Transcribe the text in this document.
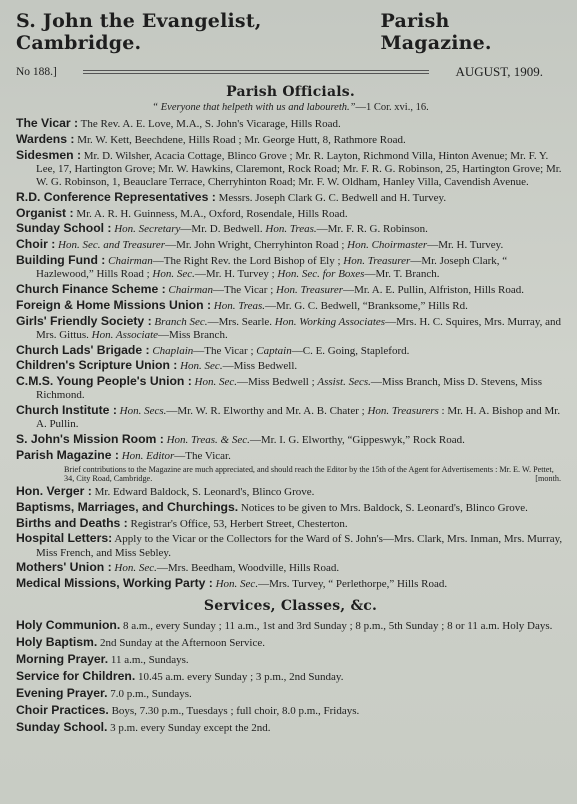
S. John the Evangelist, Cambridge.
Parish Magazine.
No 188.]	AUGUST, 1909.
Parish Officials.
“ Everyone that helpeth with us and laboureth.”—1 Cor. xvi., 16.
The Vicar : The Rev. A. E. Love, M.A., S. John's Vicarage, Hills Road.
Wardens : Mr. W. Kett, Beechdene, Hills Road ; Mr. George Hutt, 8, Rathmore Road.
Sidesmen : Mr. D. Wilsher, Acacia Cottage, Blinco Grove ; Mr. R. Layton, Richmond Villa, Hinton Avenue; Mr. F. Y. Lee, 17, Hartington Grove; Mr. W. Hawkins, Claremont, Rock Road; Mr. F. R. G. Robinson, 25, Hartington Grove; Mr. W. G. Robinson, 1, Beauclare Terrace, Cherryhinton Road; Mr. F. W. Oldham, Hanley Villa, Cavendish Avenue.
R.D. Conference Representatives : Messrs. Joseph Clark G. C. Bedwell and H. Turvey.
Organist : Mr. A. R. H. Guinness, M.A., Oxford, Rosendale, Hills Road.
Sunday School : Hon. Secretary—Mr. D. Bedwell. Hon. Treas.—Mr. F. R. G. Robinson.
Choir : Hon. Sec. and Treasurer—Mr. John Wright, Cherryhinton Road ; Hon. Choirmaster—Mr. H. Turvey.
Building Fund : Chairman—The Right Rev. the Lord Bishop of Ely ; Hon. Treasurer—Mr. Joseph Clark, “ Hazlewood,” Hills Road ; Hon. Sec.—Mr. H. Turvey ; Hon. Sec. for Boxes—Mr. T. Branch.
Church Finance Scheme : Chairman—The Vicar ; Hon. Treasurer—Mr. A. E. Pullin, Alfriston, Hills Road.
Foreign & Home Missions Union : Hon. Treas.—Mr. G. C. Bedwell, “Branksome,” Hills Rd.
Girls' Friendly Society : Branch Sec.—Mrs. Searle. Hon. Working Associates—Mrs. H. C. Squires, Mrs. Murray, and Mrs. Gittus. Hon. Associate—Miss Branch.
Church Lads' Brigade : Chaplain—The Vicar ; Captain—C. E. Going, Stapleford.
Children's Scripture Union : Hon. Sec.—Miss Bedwell.
C.M.S. Young People's Union : Hon. Sec.—Miss Bedwell ; Assist. Secs.—Miss Branch, Miss D. Stevens, Miss Richmond.
Church Institute : Hon. Secs.—Mr. W. R. Elworthy and Mr. A. B. Chater ; Hon. Treasurers : Mr. H. A. Bishop and Mr. A. Pullin.
S. John's Mission Room : Hon. Treas. & Sec.—Mr. I. G. Elworthy, “Gippeswyk,” Rock Road.
Parish Magazine : Hon. Editor—The Vicar.
Brief contributions to the Magazine are much appreciated, and should reach the Editor by the 15th of the Agent for Advertisements : Mr. E. W. Pettet, 34, City Road, Cambridge.	[month.
Hon. Verger : Mr. Edward Baldock, S. Leonard's, Blinco Grove.
Baptisms, Marriages, and Churchings. Notices to be given to Mrs. Baldock, S. Leonard's, Blinco Grove.
Births and Deaths : Registrar's Office, 53, Herbert Street, Chesterton.
Hospital Letters: Apply to the Vicar or the Collectors for the Ward of S. John's—Mrs. Clark, Mrs. Inman, Mrs. Murray, Miss French, and Miss Sebley.
Mothers' Union : Hon. Sec.—Mrs. Beedham, Woodville, Hills Road.
Medical Missions, Working Party : Hon. Sec.—Mrs. Turvey, “ Perlethorpe,” Hills Road.
Services, Classes, &c.
Holy Communion. 8 a.m., every Sunday ; 11 a.m., 1st and 3rd Sunday ; 8 p.m., 5th Sunday ; 8 or 11 a.m. Holy Days.
Holy Baptism. 2nd Sunday at the Afternoon Service.
Morning Prayer. 11 a.m., Sundays.
Service for Children. 10.45 a.m. every Sunday ; 3 p.m., 2nd Sunday.
Evening Prayer. 7.0 p.m., Sundays.
Choir Practices. Boys, 7.30 p.m., Tuesdays ; full choir, 8.0 p.m., Fridays.
Sunday School. 3 p.m. every Sunday except the 2nd.
